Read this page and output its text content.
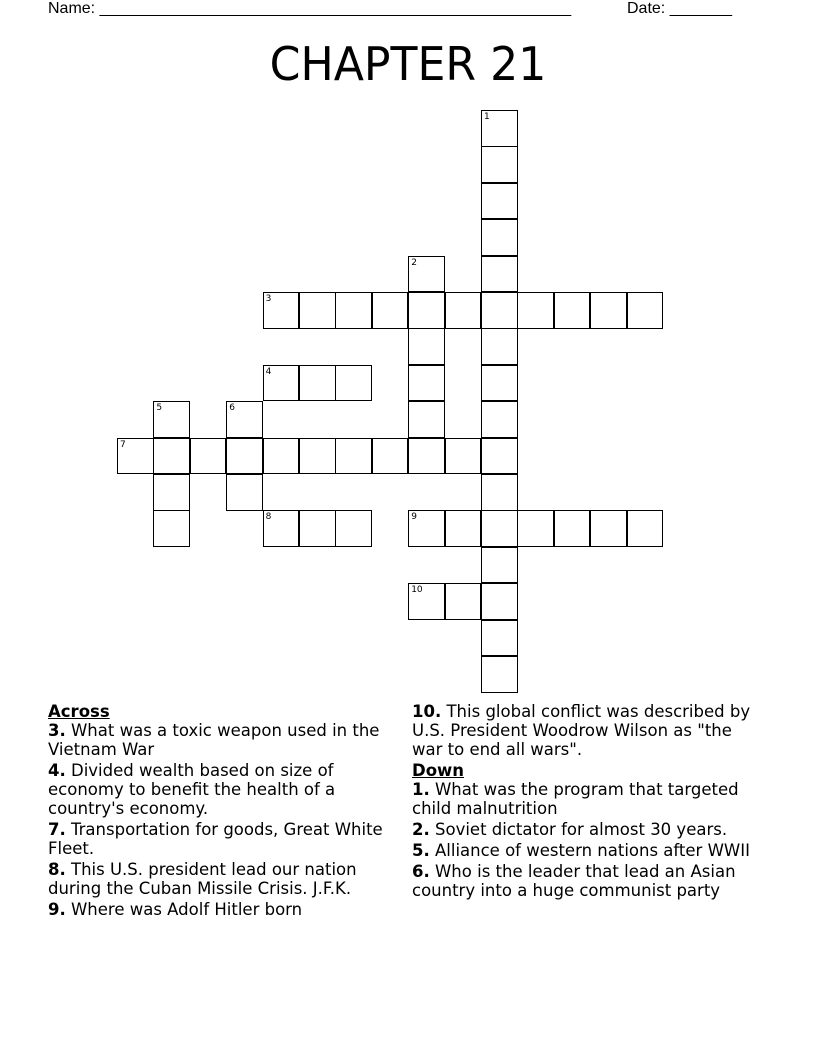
Name: _____________________________________________________	Date: _______
CHAPTER 21
1
2
3
4
5	6
7
8	9
10

Across

3. What was a toxic weapon used in the Vietnam War

4. Divided wealth based on size of economy to benefit the health of a country's economy.

7. Transportation for goods, Great White Fleet.

8. This U.S. president lead our nation during the Cuban Missile Crisis. J.F.K.

9. Where was Adolf Hitler born

10. This global conflict was described by U.S. President Woodrow Wilson as "the war to end all wars".

Down

1. What was the program that targeted child malnutrition

2. Soviet dictator for almost 30 years.

5. Alliance of western nations after WWII

6. Who is the leader that lead an Asian country into a huge communist party
